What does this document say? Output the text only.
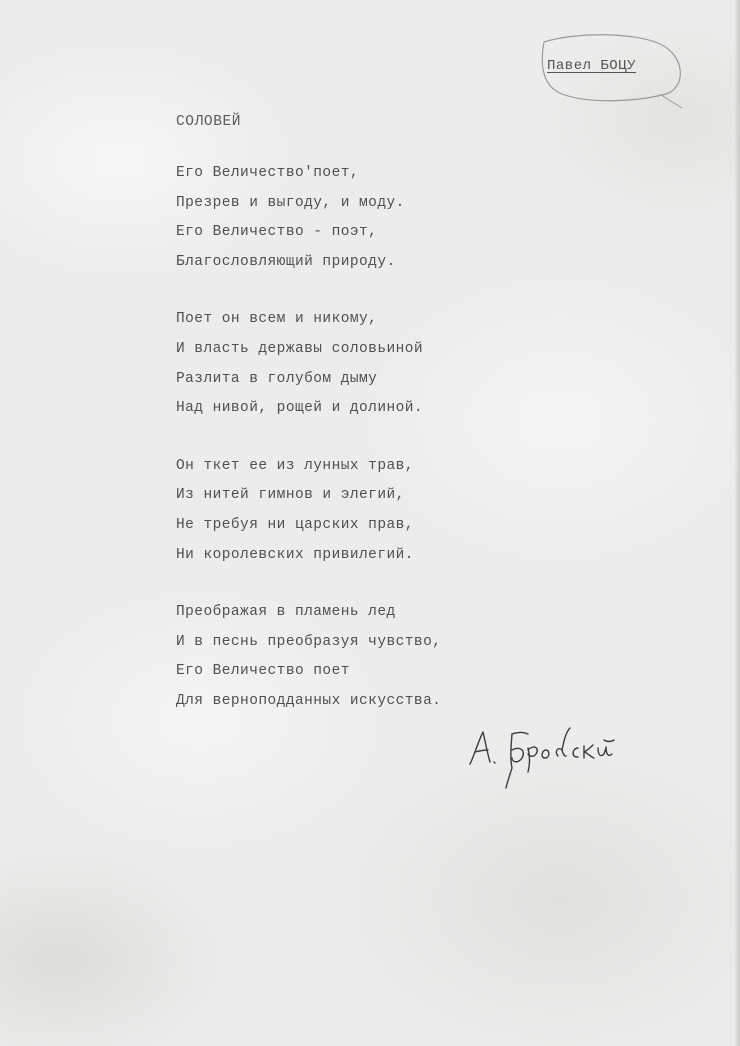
Павел БОЦУ
СОЛОВЕЙ
Его Величество'поет,
Презрев и выгоду, и моду.
Его Величество - поэт,
Благословляющий природу.
Поет он всем и никому,
И власть державы соловьиной
Разлита в голубом дыму
Над нивой, рощей и долиной.
Он ткет ее из лунных трав,
Из нитей гимнов и элегий,
Не требуя ни царских прав,
Ни королевских привилегий.
Преображая в пламень лед
И в песнь преобразуя чувство,
Его Величество поет
Для верноподданных искусства.
